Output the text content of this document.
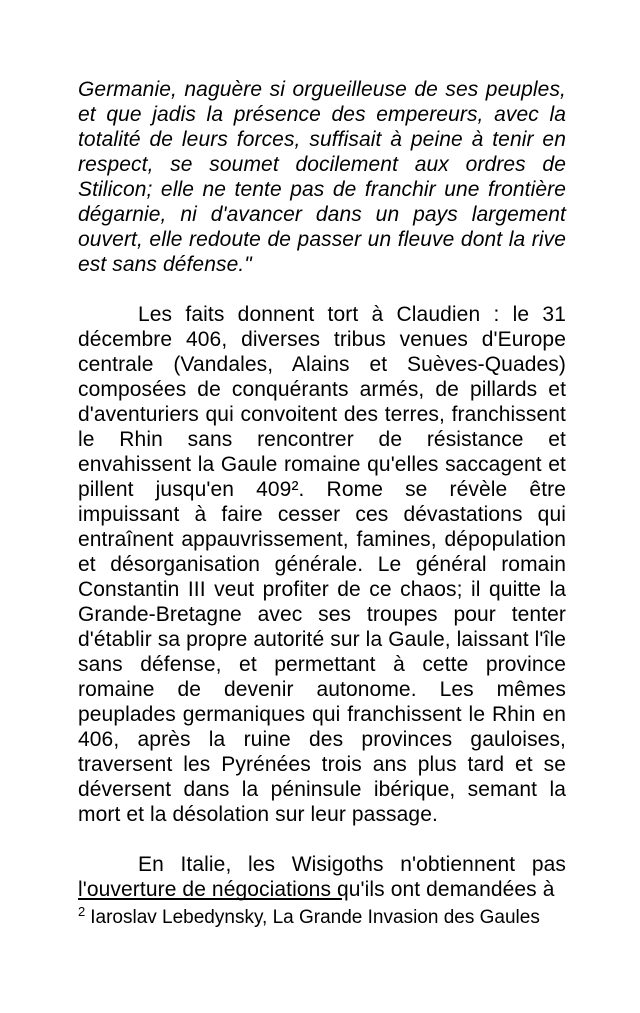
Germanie, naguère si orgueilleuse de ses peuples, et que jadis la présence des empereurs, avec la totalité de leurs forces, suffisait à peine à tenir en respect, se soumet docilement aux ordres de Stilicon; elle ne tente pas de franchir une frontière dégarnie, ni d'avancer dans un pays largement ouvert, elle redoute de passer un fleuve dont la rive est sans défense."

Les faits donnent tort à Claudien : le 31 décembre 406, diverses tribus venues d'Europe centrale (Vandales, Alains et Suèves-Quades) composées de conquérants armés, de pillards et d'aventuriers qui convoitent des terres, franchissent le Rhin sans rencontrer de résistance et envahissent la Gaule romaine qu'elles saccagent et pillent jusqu'en 409². Rome se révèle être impuissant à faire cesser ces dévastations qui entraînent appauvrissement, famines, dépopulation et désorganisation générale. Le général romain Constantin III veut profiter de ce chaos; il quitte la Grande-Bretagne avec ses troupes pour tenter d'établir sa propre autorité sur la Gaule, laissant l'île sans défense, et permettant à cette province romaine de devenir autonome. Les mêmes peuplades germaniques qui franchissent le Rhin en 406, après la ruine des provinces gauloises, traversent les Pyrénées trois ans plus tard et se déversent dans la péninsule ibérique, semant la mort et la désolation sur leur passage.

En Italie, les Wisigoths n'obtiennent pas l'ouverture de négociations qu'ils ont demandées à

$^2$ Iaroslav Lebedynsky, La Grande Invasion des Gaules
